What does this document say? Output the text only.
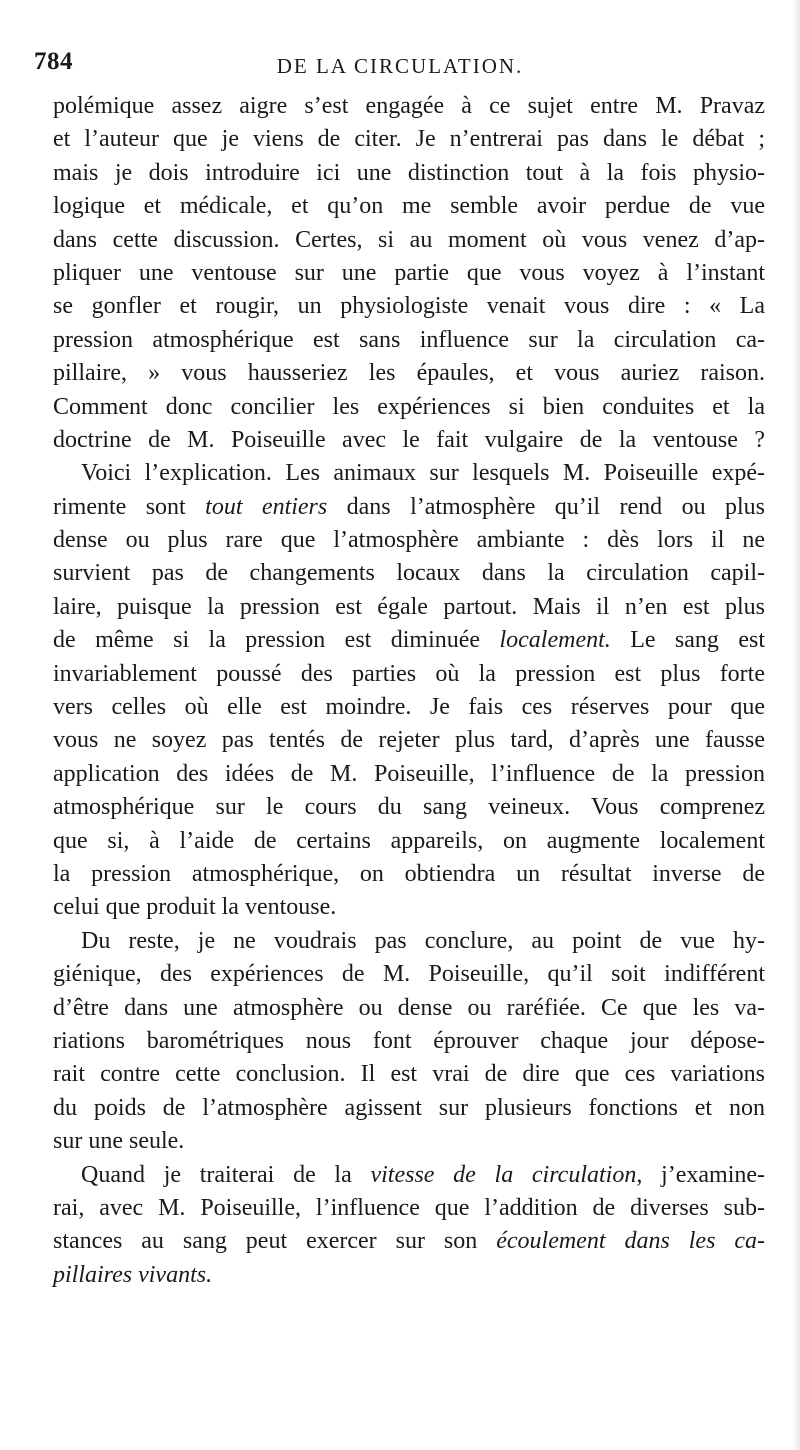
784	DE LA CIRCULATION.
polémique assez aigre s’est engagée à ce sujet entre M. Pravaz
et l’auteur que je viens de citer. Je n’entrerai pas dans le débat ;
mais je dois introduire ici une distinction tout à la fois physio-
logique et médicale, et qu’on me semble avoir perdue de vue
dans cette discussion. Certes, si au moment où vous venez d’ap-
pliquer une ventouse sur une partie que vous voyez à l’instant
se gonfler et rougir, un physiologiste venait vous dire : « La
pression atmosphérique est sans influence sur la circulation ca-
pillaire, » vous hausseriez les épaules, et vous auriez raison.
Comment donc concilier les expériences si bien conduites et la
doctrine de M. Poiseuille avec le fait vulgaire de la ventouse ?
Voici l’explication. Les animaux sur lesquels M. Poiseuille expé-
rimente sont tout entiers dans l’atmosphère qu’il rend ou plus
dense ou plus rare que l’atmosphère ambiante : dès lors il ne
survient pas de changements locaux dans la circulation capil-
laire, puisque la pression est égale partout. Mais il n’en est plus
de même si la pression est diminuée localement. Le sang est
invariablement poussé des parties où la pression est plus forte
vers celles où elle est moindre. Je fais ces réserves pour que
vous ne soyez pas tentés de rejeter plus tard, d’après une fausse
application des idées de M. Poiseuille, l’influence de la pression
atmosphérique sur le cours du sang veineux. Vous comprenez
que si, à l’aide de certains appareils, on augmente localement
la pression atmosphérique, on obtiendra un résultat inverse de
celui que produit la ventouse.
Du reste, je ne voudrais pas conclure, au point de vue hy-
giénique, des expériences de M. Poiseuille, qu’il soit indifférent
d’être dans une atmosphère ou dense ou raréfiée. Ce que les va-
riations barométriques nous font éprouver chaque jour dépose-
rait contre cette conclusion. Il est vrai de dire que ces variations
du poids de l’atmosphère agissent sur plusieurs fonctions et non
sur une seule.
Quand je traiterai de la vitesse de la circulation, j’examine-
rai, avec M. Poiseuille, l’influence que l’addition de diverses sub-
stances au sang peut exercer sur son écoulement dans les ca-
pillaires vivants.
